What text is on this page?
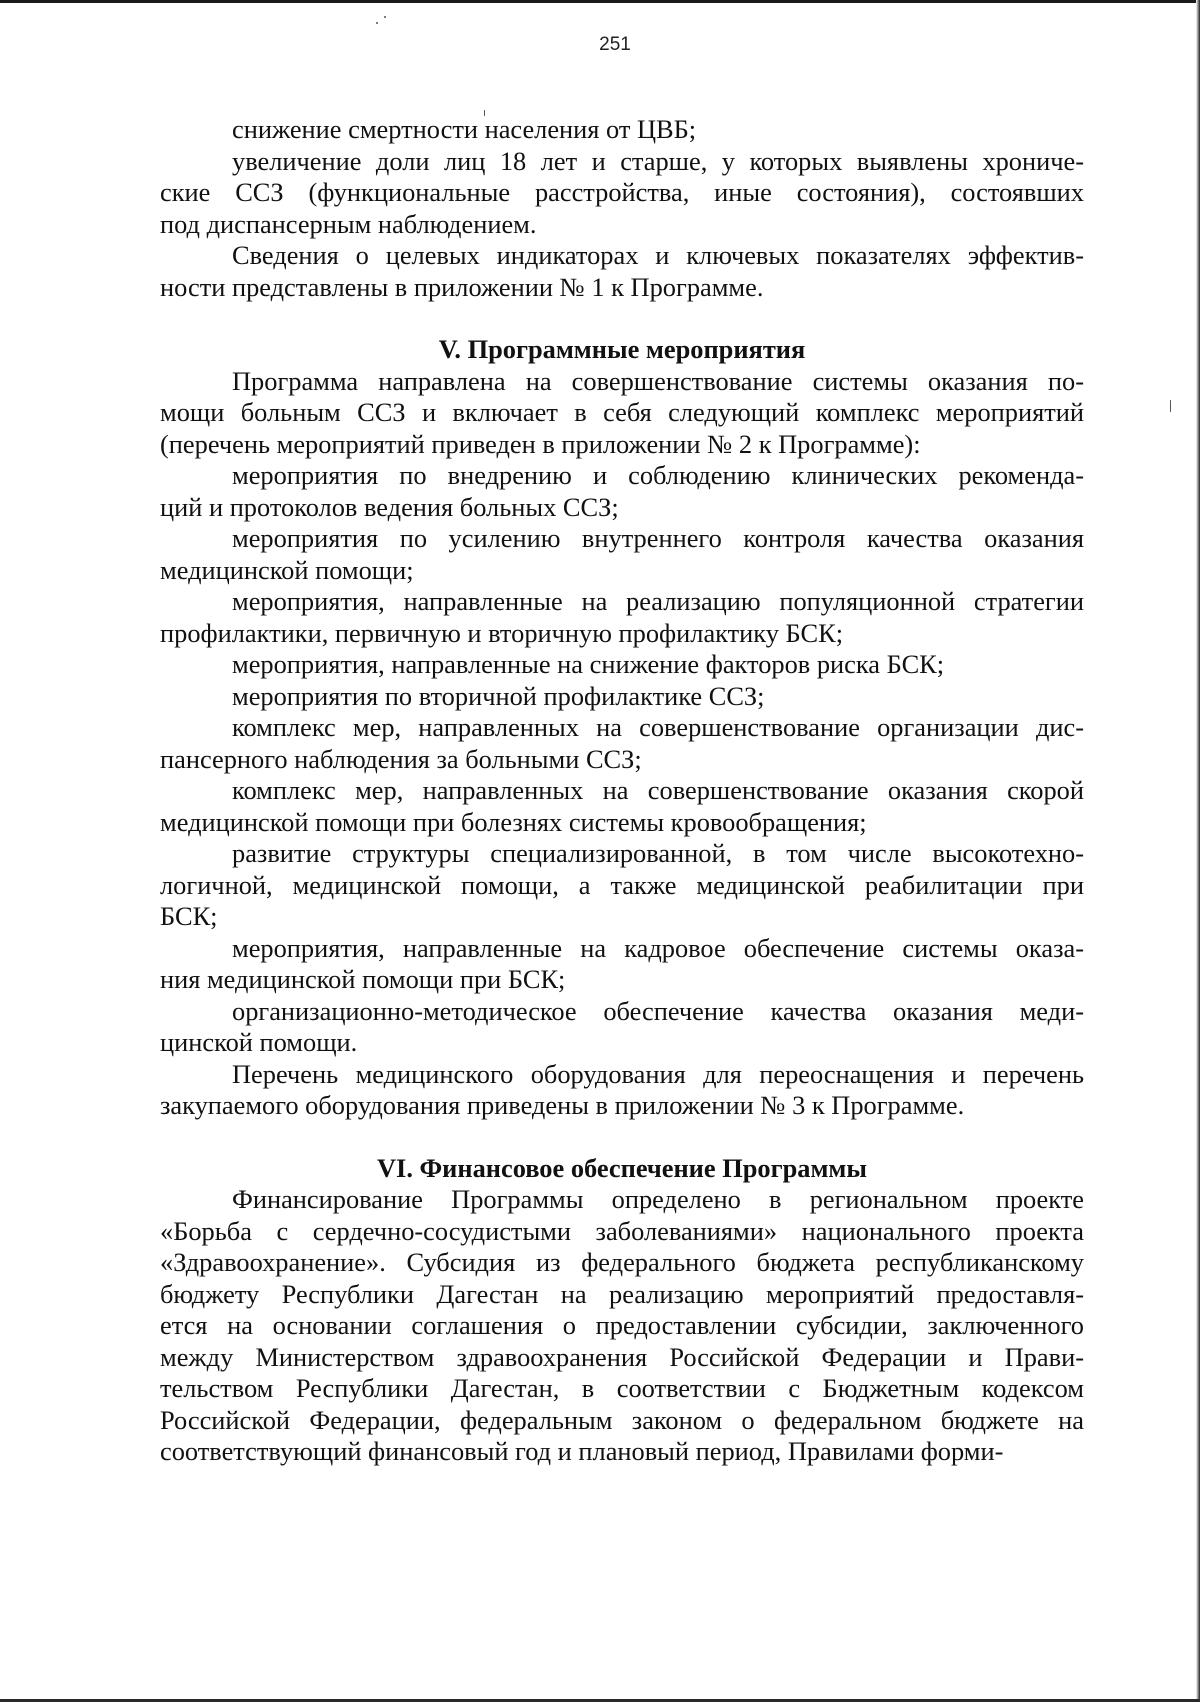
251
снижение смертности населения от ЦВБ;
увеличение доли лиц 18 лет и старше, у которых выявлены хрониче-
ские ССЗ (функциональные расстройства, иные состояния), состоявших
под диспансерным наблюдением.
Сведения о целевых индикаторах и ключевых показателях эффектив-
ности представлены в приложении № 1 к Программе.
V. Программные мероприятия
Программа направлена на совершенствование системы оказания по-
мощи больным ССЗ и включает в себя следующий комплекс мероприятий
(перечень мероприятий приведен в приложении № 2 к Программе):
мероприятия по внедрению и соблюдению клинических рекоменда-
ций и протоколов ведения больных ССЗ;
мероприятия по усилению внутреннего контроля качества оказания
медицинской помощи;
мероприятия, направленные на реализацию популяционной стратегии
профилактики, первичную и вторичную профилактику БСК;
мероприятия, направленные на снижение факторов риска БСК;
мероприятия по вторичной профилактике ССЗ;
комплекс мер, направленных на совершенствование организации дис-
пансерного наблюдения за больными ССЗ;
комплекс мер, направленных на совершенствование оказания скорой
медицинской помощи при болезнях системы кровообращения;
развитие структуры специализированной, в том числе высокотехно-
логичной, медицинской помощи, а также медицинской реабилитации при
БСК;
мероприятия, направленные на кадровое обеспечение системы оказа-
ния медицинской помощи при БСК;
организационно-методическое обеспечение качества оказания меди-
цинской помощи.
Перечень медицинского оборудования для переоснащения и перечень
закупаемого оборудования приведены в приложении № 3 к Программе.
VI. Финансовое обеспечение Программы
Финансирование Программы определено в региональном проекте
«Борьба с сердечно-сосудистыми заболеваниями» национального проекта
«Здравоохранение». Субсидия из федерального бюджета республиканскому
бюджету Республики Дагестан на реализацию мероприятий предоставля-
ется на основании соглашения о предоставлении субсидии, заключенного
между Министерством здравоохранения Российской Федерации и Прави-
тельством Республики Дагестан, в соответствии с Бюджетным кодексом
Российской Федерации, федеральным законом о федеральном бюджете на
соответствующий финансовый год и плановый период, Правилами форми-
